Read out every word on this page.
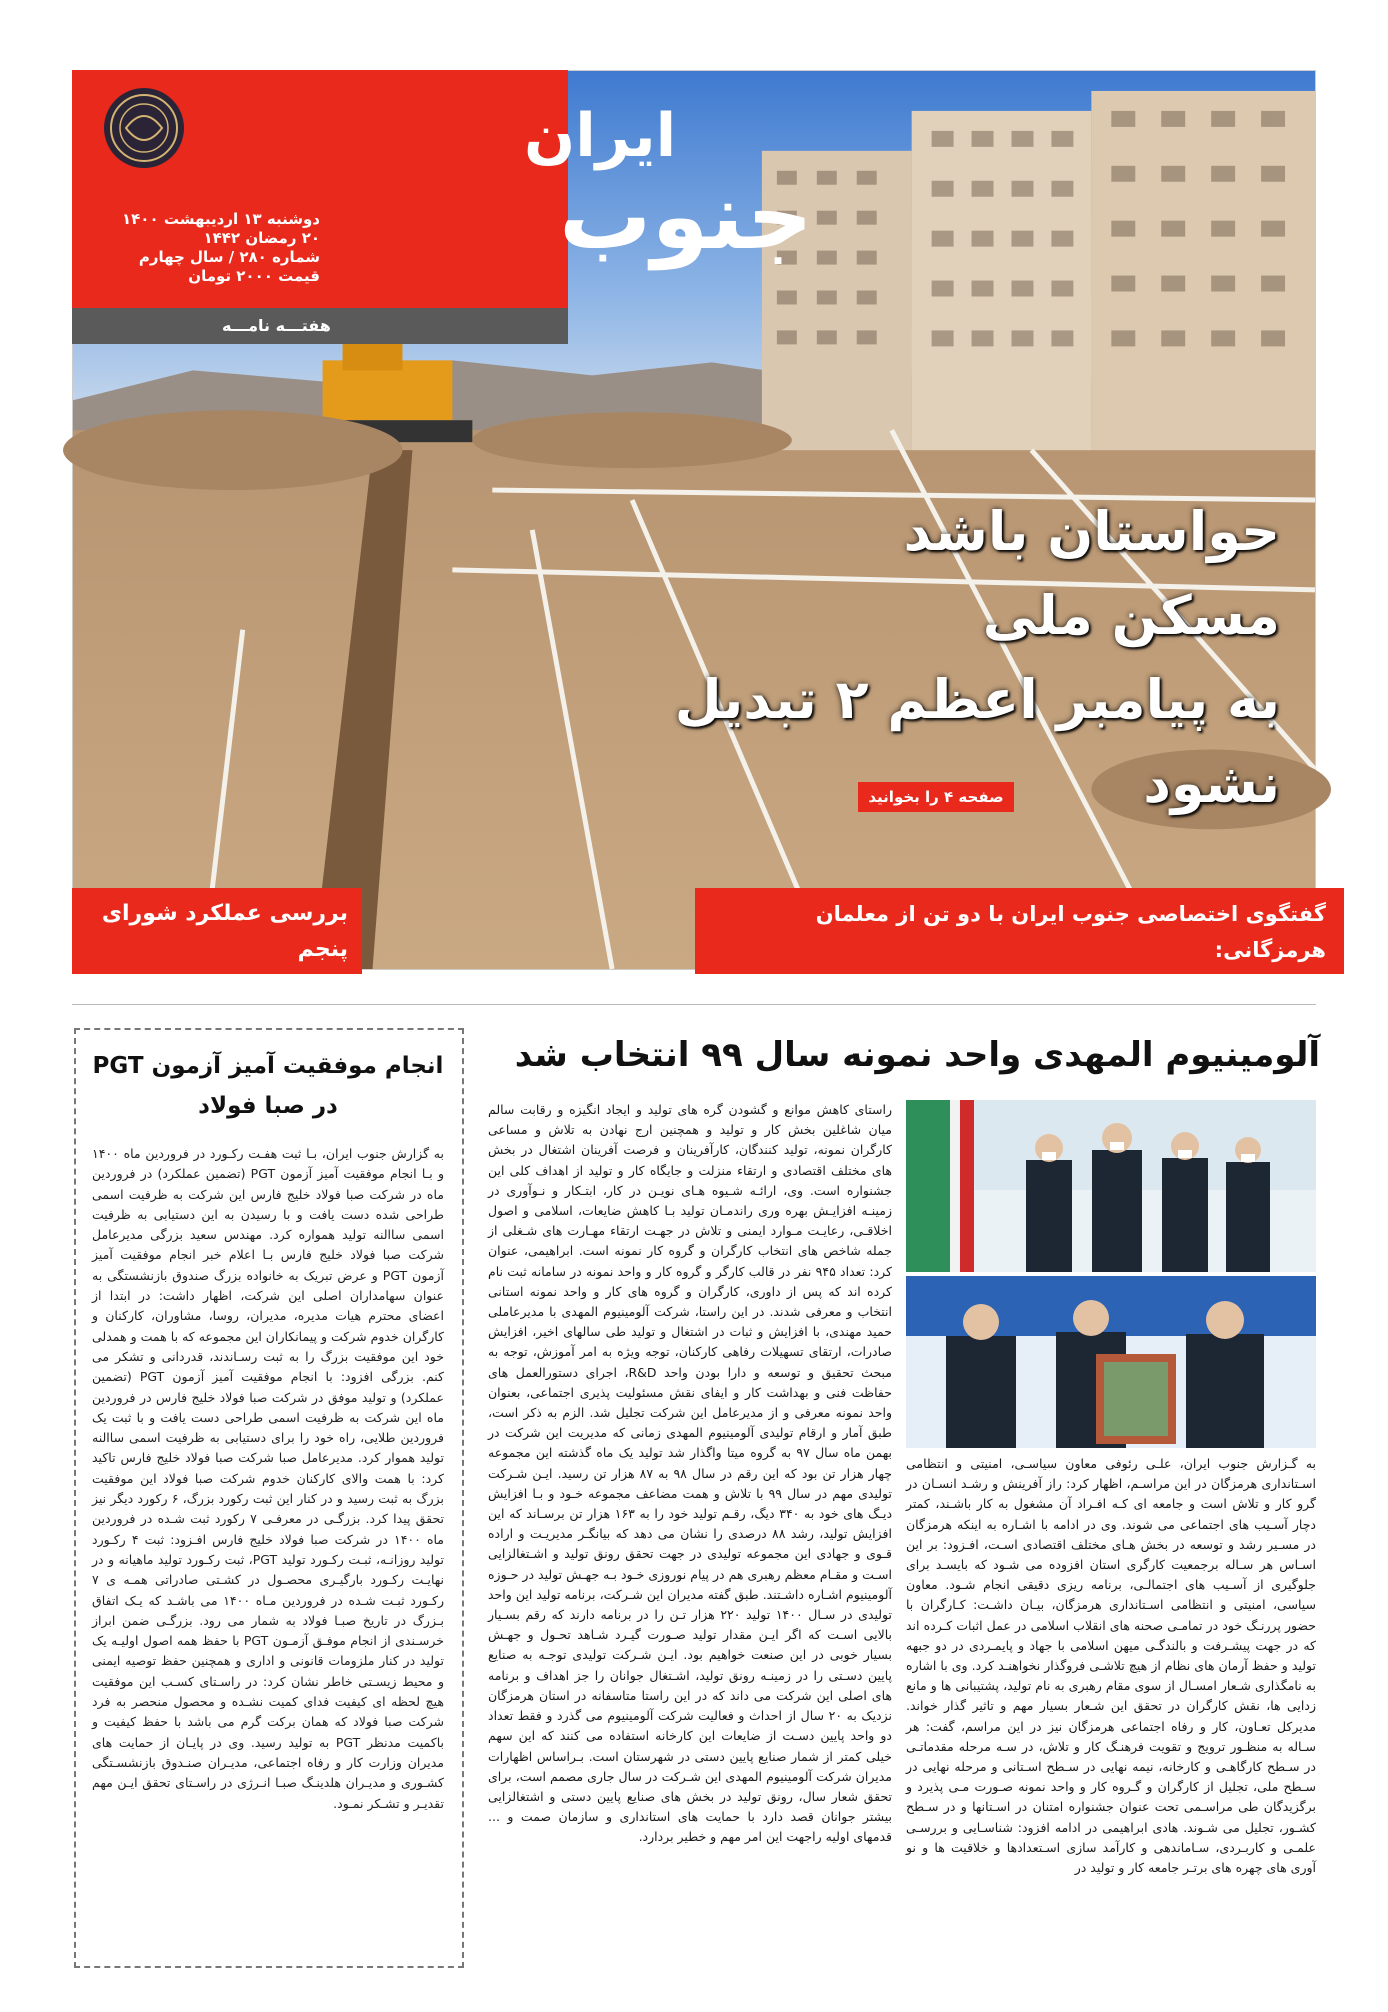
ایران
جنوب
دوشنبه ۱۳ اردیبهشت ۱۴۰۰
۲۰ رمضان ۱۴۴۲
شماره ۲۸۰ / سال چهارم
قیمت ۲۰۰۰ تومان
هفتـــه نامـــه
حواستان باشد
مسکن ملی
به پیامبر اعظم ۲ تبدیل نشود
صفحه ۴ را بخوانید
بررسی عملکرد شورای پنجم
به قلم: سیروان کوهی/۲
گفتگوی اختصاصی جنوب ایران با دو تن از معلمان هرمزگانی:
معلمان سعی کنند همیشه خود را بروزرسانی کنند/۴
انجام موفقیت آمیز آزمون PGT
در صبا فولاد
به گزارش جنوب ایران، بـا ثبت هفـت رکـورد در فروردین ماه ۱۴۰۰ و بـا انجام موفقیت آمیز آزمون PGT (تضمین عملکرد) در فروردین ماه در شرکت صبا فولاد خلیج فارس این شرکت به ظرفیت اسمی طراحی شده دست یافت و با رسیدن به این دستیابی به ظرفیت اسمی ساالنه تولید همواره کرد. مهندس سعید بزرگی مدیرعامل شرکت صبا فولاد خلیج فارس بـا اعلام خبر انجام موفقیت آمیز آزمون PGT و عرض تبریک به خانواده بزرگ صندوق بازنشستگی به عنوان سهامداران اصلی این شرکت، اظهار داشت: در ابتدا از اعضای محترم هیات مدیره، مدیران، روسا، مشاوران، کارکنان و کارگران خدوم شرکت و پیمانکاران این مجموعه که با همت و همدلی خود این موفقیت بزرگ را به ثبت رسـاندند، قدردانی و تشکر می کنم. بزرگی افزود: با انجام موفقیت آمیز آزمون PGT (تضمین عملکرد) و تولید موفق در شرکت صبا فولاد خلیج فارس در فروردین ماه این شرکت به ظرفیت اسمی طراحی دست یافت و با ثبت یک فروردین طلایی، راه خود را برای دستیابی به ظرفیت اسمی ساالنه تولید هموار کرد. مدیرعامل صبا شرکت صبا فولاد خلیج فارس تاکید کرد: با همت والای کارکنان خدوم شرکت صبا فولاد این موفقیت بزرگ به ثبت رسید و در کنار این ثبت رکورد بزرگ، ۶ رکورد دیگر نیز تحقق پیدا کرد. بزرگـی در معرفـی ۷ رکورد ثبت شـده در فروردین ماه ۱۴۰۰ در شرکت صبا فولاد خلیج فارس افـزود: ثبت ۴ رکـورد تولید روزانـه، ثبـت رکـورد تولید PGT، ثبت رکـورد تولید ماهیانه و در نهایـت رکـورد بارگیـری محصـول در کشـتی صادراتی همـه ی ۷ رکـورد ثبـت شـده در فروردین مـاه ۱۴۰۰ می باشـد که یـک اتفاق بـزرگ در تاریخ صبـا فولاد به شمار می رود. بزرگـی ضمن ابراز خرسـندی از انجام موفـق آزمـون PGT با حفظ همه اصول اولیـه یک تولید در کنار ملزومات قانونی و اداری و همچنین حفظ توصیه ایمنی و محیط زیسـتی خاطر نشان کرد: در راسـتای کسـب این موفقیت هیچ لحظه ای کیفیت فدای کمیت نشـده و محصول منحصر به فرد شرکت صبا فولاد که همان برکت گرم می باشد با حفظ کیفیت و باکمیت مدنظر PGT به تولید رسید. وی در پایـان از حمایت های مدیران وزارت کار و رفاه اجتماعی، مدیـران صنـدوق بازنشسـتگی کشـوری و مدیـران هلدینـگ صبـا انـرژی در راسـتای تحقق ایـن مهم تقدیـر و تشـکر نمـود.
آلومینیوم المهدی واحد نمونه سال ۹۹ انتخاب شد
به گـزارش جنوب ایران، علـی رئوفی معاون سیاسـی، امنیتی و انتظامی اسـتانداری هرمزگان در این مراسـم، اظهار کرد: راز آفرینش و رشـد انسـان در گرو کار و تلاش است و جامعه ای کـه افـراد آن مشغول به کار باشـند، کمتر دچار آسـیب های اجتماعی می شوند. وی در ادامه با اشـاره به اینکه هرمزگان در مسـیر رشد و توسعه در بخش هـای مختلف اقتصادی اسـت، افـزود: بر این اسـاس هر سـاله برجمعیت کارگری استان افزوده می شـود که بایسـد برای جلوگیری از آسـیب های اجتمالـی، برنامه ریزی دقیقی انجام شـود. معاون سیاسی، امنیتی و انتظامی اسـتانداری هرمزگان، بیـان داشـت: کـارگران با حضور پررنـگ خود در تمامـی صحنه های انقلاب اسلامی در عمل اثبات کـرده اند که در جهت پیشـرفت و بالندگـی میهن اسلامی با جهاد و پایمـردی در دو جبهه تولید و حفظ آرمان های نظام از هیچ تلاشـی فروگذار نخواهنـد کرد. وی با اشاره به نامگذاری شـعار امسـال از سوی مقام رهبری به نام تولید، پشتیبانی ها و مانع زدایی ها، نقش کارگران در تحقق این شـعار بسیار مهم و تاثیر گذار خواند. مدیرکل تعـاون، کار و رفاه اجتماعی هرمزگان نیز در این مراسم، گفت: هر سـاله به منظـور ترویج و تقویت فرهنـگ کار و تلاش، در سـه مرحله مقدماتـی در سـطح کارگاهـی و کارخانه، نیمه نهایی در سـطح اسـتانی و مرحله نهایی در سـطح ملی، تجلیل از کارگران و گـروه کار و واحد نمونه صـورت مـی پذیرد و برگزیدگان طی مراسـمی تحت عنوان جشنواره امتنان در اسـتانها و در سـطح کشـور، تجلیل می شـوند. هادی ابراهیمی در ادامه افزود: شناسـایی و بررسـی علمـی و کاربـردی، سـاماندهی و کارآمد سازی اسـتعدادها و خلاقیت ها و نو آوری های چهره های برتـر جامعه کار و تولید در
راستای کاهش موانع و گشودن گره های تولید و ایجاد انگیزه و رقابت سالم میان شاغلین بخش کار و تولید و همچنین ارج نهادن به تلاش و مساعی کارگران نمونه، تولید کنندگان، کارآفرینان و فرصت آفرینان اشتغال در بخش های مختلف اقتصادی و ارتقاء منزلت و جایگاه کار و تولید از اهداف کلی این جشنواره است. وی، ارائـه شـیوه هـای نویـن در کار، ابتـکار و نـوآوری در زمینـه افزایـش بهره وری راندمـان تولید بـا کاهش ضایعات، اسلامی و اصول اخلاقـی، رعایـت مـوارد ایمنی و تلاش در جهـت ارتقاء مهـارت های شـغلی از جمله شاخص های انتخاب کارگران و گروه کار نمونه است. ابراهیمی، عنوان کرد: تعداد ۹۴۵ نفر در قالب کارگر و گروه کار و واحد نمونه در سامانه ثبت نام کرده اند که پس از داوری، کارگران و گروه های کار و واحد نمونه استانی انتخاب و معرفی شدند. در این راستا، شرکت آلومینیوم المهدی با مدیرعاملی حمید مهندی، با افزایش و ثبات در اشتغال و تولید طی سالهای اخیر، افزایش صادرات، ارتقای تسهیلات رفاهی کارکنان، توجه ویژه به امر آموزش، توجه به مبحث تحقیق و توسعه و دارا بودن واحد R&D، اجرای دستورالعمل های حفاظت فنی و بهداشت کار و ایفای نقش مسئولیت پذیری اجتماعی، بعنوان واحد نمونه معرفی و از مدیرعامل این شرکت تجلیل شد. الزم به ذکر است، طبق آمار و ارقام تولیدی آلومینیوم المهدی زمانی که مدیریت این شرکت در بهمن ماه سال ۹۷ به گروه میتا واگذار شد تولید یک ماه گذشته این مجموعه چهار هزار تن بود که این رقم در سال ۹۸ به ۸۷ هزار تن رسید. ایـن شـرکت تولیدی مهم در سال ۹۹ با تلاش و همت مضاعف مجموعه خـود و بـا افزایش دیـگ های خود به ۳۴۰ دیگ، رقـم تولید خود را به ۱۶۳ هزار تن برسـاند که این افزایش تولید، رشد ۸۸ درصدی را نشان می دهد که بیانگـر مدیریـت و اراده قـوی و جهادی این مجموعه تولیدی در جهت تحقق رونق تولید و اشـتغالزایی اسـت و مقـام معظم رهبری هم در پیام نوروزی خـود بـه جهـش تولید در حـوزه آلومینیوم اشـاره داشـتند. طبق گفته مدیران این شـرکت، برنامه تولید این واحد تولیدی در سـال ۱۴۰۰ تولید ۲۲۰ هزار تـن را در برنامه دارند که رقم بسـیار بالایی اسـت که اگر ایـن مقدار تولید صـورت گیـرد شـاهد تحـول و جهـش بسیار خوبی در این صنعت خواهیم بود. ایـن شـرکت تولیدی توجـه به صنایع پایین دسـتی را در زمینـه رونق تولید، اشـتغال جوانان را جز اهداف و برنامه های اصلی این شرکت می داند که در این راستا متاسفانه در استان هرمزگان نزدیک به ۲۰ سال از احداث و فعالیت شرکت آلومینیوم می گذرد و فقط تعداد دو واحد پایین دسـت از ضایعات این کارخانه استفاده می کنند که این سهم خیلی کمتر از شمار صنایع پایین دستی در شهرستان است. بـراساس اظهارات مدیران شرکت آلومینیوم المهدی این شـرکت در سال جاری مصمم است، برای تحقق شعار سال، رونق تولید در بخش های صنایع پایین دستی و اشتغالزایی بیشتر جوانان قصد دارد با حمایت های استانداری و سازمان صمت و ... قدمهای اولیه راجهت این امر مهم و خطیر بردارد.
